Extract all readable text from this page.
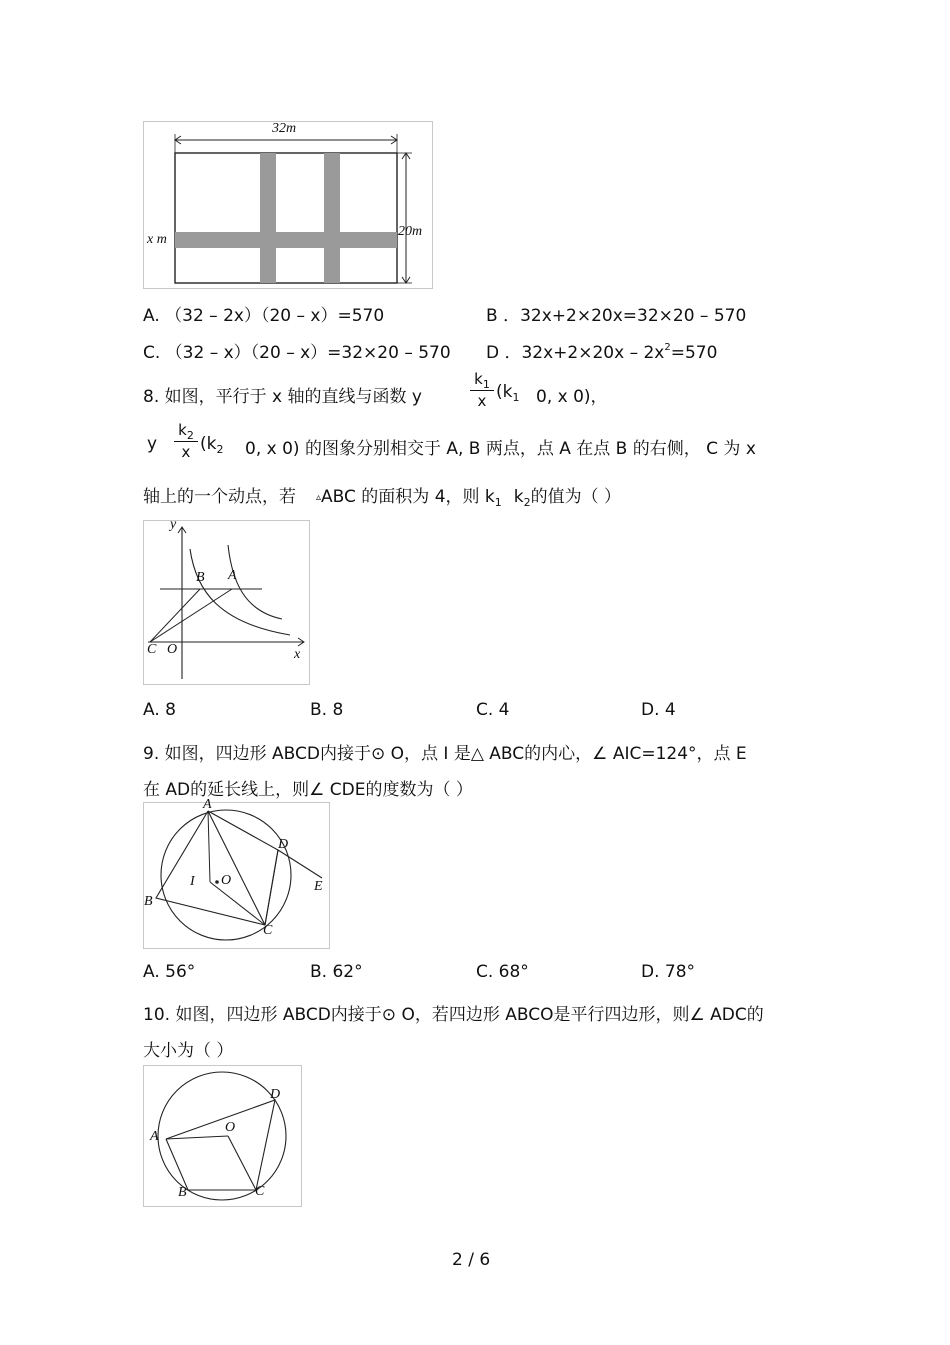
32m
20m
x m
A. （32 – 2x）（20 – x）=570	B ．32x+2×20x=32×20 – 570
C. （32 – x）（20 – x）=32×20 – 570 D ．$32x+2\times 20x - 2x^2=570$
8. 如图，平行于 x 轴的直线与函数 y	$\frac{k_1}{x} (k_1$ 0, x 0)，
y $\frac{k_2}{x} (k_2$ 0, x 0) 的图象分别相交于 A, B 两点，点 A 在点 B 的右侧， C 为 x
轴上的一个动点，若 ▵ABC 的面积为 4，则 $k_1$ $k_2$的值为（ ）
y
x
B A
C O
A. 8	B. 8	C. 4	D. 4
9. 如图，四边形 ABCD内接于⊙ O，点 I 是△ ABC的内心，∠ AIC=124°，点 E
在 AD的延长线上，则∠ CDE的度数为（ ）
A
B
C
D
E
I O
A. 56°	B. 62°	C. 68°	D. 78°
10. 如图，四边形 ABCD内接于⊙ O，若四边形 ABCO是平行四边形，则∠ ADC的
大小为（ ）
A
B	C
D
O
2 / 6
